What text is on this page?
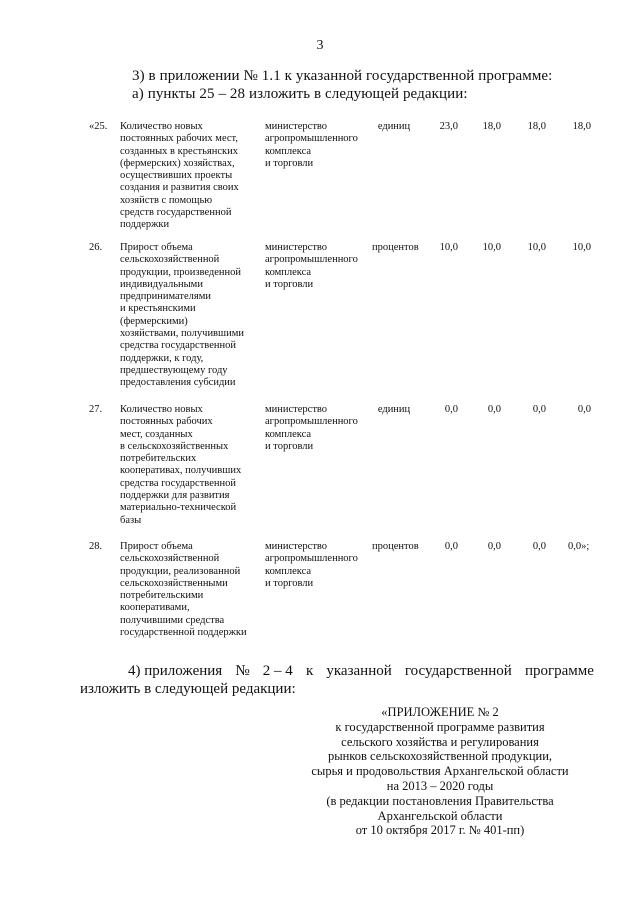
3
3) в приложении № 1.1 к указанной государственной программе:
а) пункты 25 – 28 изложить в следующей редакции:
«25.	Количество новых
постоянных рабочих мест,
созданных в крестьянских
(фермерских) хозяйствах,
осуществивших проекты
создания и развития своих
хозяйств с помощью
средств государственной
поддержки
министерство
агропромышленного
комплекса
и торговли
единиц	23,0	18,0	18,0	18,0
26.	Прирост объема
сельскохозяйственной
продукции, произведенной
индивидуальными
предпринимателями
и крестьянскими
(фермерскими)
хозяйствами, получившими
средства государственной
поддержки, к году,
предшествующему году
предоставления субсидии
министерство
агропромышленного
комплекса
и торговли
процентов	10,0	10,0	10,0	10,0
27.	Количество новых
постоянных рабочих
мест, созданных
в сельскохозяйственных
потребительских
кооперативах, получивших
средства государственной
поддержки для развития
материально-технической
базы
министерство
агропромышленного
комплекса
и торговли
единиц	0,0	0,0	0,0	0,0
28.	Прирост объема
сельскохозяйственной
продукции, реализованной
сельскохозяйственными
потребительскими
кооперативами,
получившими средства
государственной поддержки
министерство
агропромышленного
комплекса
и торговли
процентов	0,0	0,0	0,0 0,0»;
4) приложения № 2 – 4 к указанной государственной программе
изложить в следующей редакции:
«ПРИЛОЖЕНИЕ № 2
к государственной программе развития
сельского хозяйства и регулирования
рынков сельскохозяйственной продукции,
сырья и продовольствия Архангельской области
на 2013 – 2020 годы
(в редакции постановления Правительства
Архангельской области
от 10 октября 2017 г. № 401-пп)
